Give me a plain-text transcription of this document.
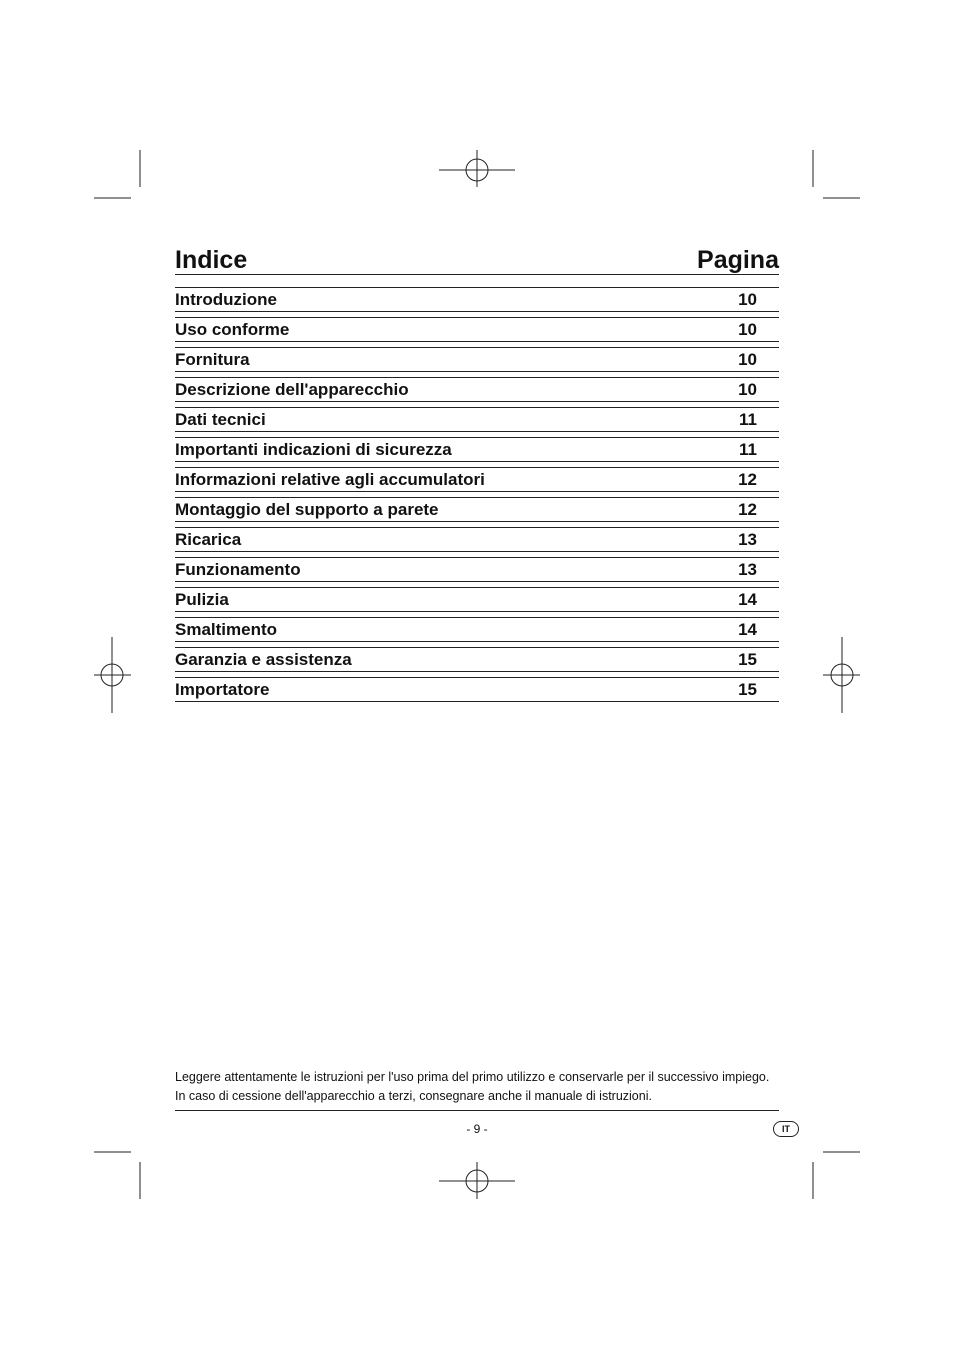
Indice	Pagina
Introduzione	10
Uso conforme	10
Fornitura	10
Descrizione dell'apparecchio	10
Dati tecnici	11
Importanti indicazioni di sicurezza	11
Informazioni relative agli accumulatori	12
Montaggio del supporto a parete	12
Ricarica	13
Funzionamento	13
Pulizia	14
Smaltimento	14
Garanzia e assistenza	15
Importatore	15
Leggere attentamente le istruzioni per l'uso prima del primo utilizzo e conservarle per il successivo impiego.
In caso di cessione dell'apparecchio a terzi, consegnare anche il manuale di istruzioni.
- 9 -	IT
